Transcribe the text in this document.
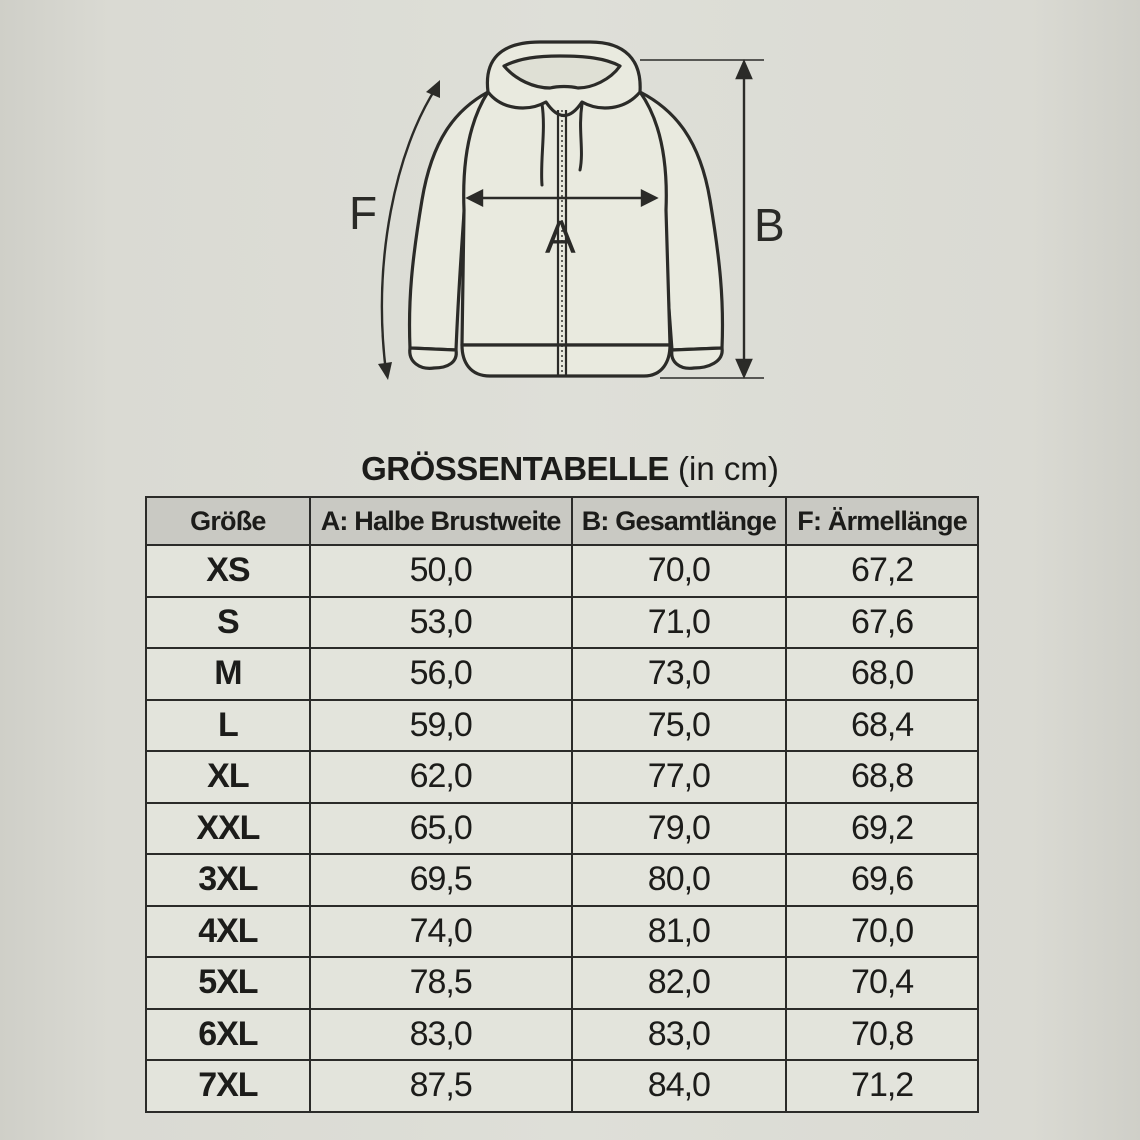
F	A	B
GRÖSSENTABELLE (in cm)
Größe	A: Halbe Brustweite	B: Gesamtlänge	F: Ärmellänge
XS	50,0	70,0	67,2
S	53,0	71,0	67,6
M	56,0	73,0	68,0
L	59,0	75,0	68,4
XL	62,0	77,0	68,8
XXL	65,0	79,0	69,2
3XL	69,5	80,0	69,6
4XL	74,0	81,0	70,0
5XL	78,5	82,0	70,4
6XL	83,0	83,0	70,8
7XL	87,5	84,0	71,2
